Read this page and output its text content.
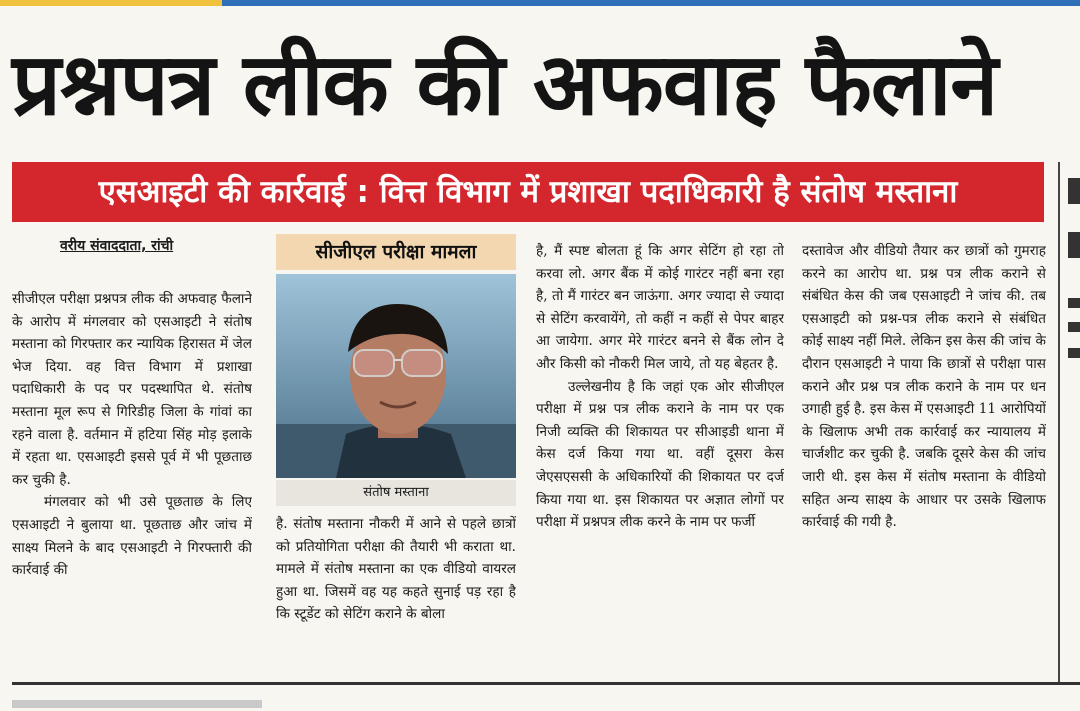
प्रश्नपत्र लीक की अफवाह फैलाने
एसआइटी की कार्रवाई : वित्त विभाग में प्रशाखा पदाधिकारी है संतोष मस्ताना
वरीय संवाददाता, रांची

सीजीएल परीक्षा प्रश्नपत्र लीक की अफवाह फैलाने के आरोप में मंगलवार को एसआइटी ने संतोष मस्ताना को गिरफ्तार कर न्यायिक हिरासत में जेल भेज दिया. वह वित्त विभाग में प्रशाखा पदाधिकारी के पद पर पदस्थापित थे. संतोष मस्ताना मूल रूप से गिरिडीह जिला के गांवां का रहने वाला है. वर्तमान में हटिया सिंह मोड़ इलाके में रहता था. एसआइटी इससे पूर्व में भी पूछताछ कर चुकी है.

मंगलवार को भी उसे पूछताछ के लिए एसआइटी ने बुलाया था. पूछताछ और जांच में साक्ष्य मिलने के बाद एसआइटी ने गिरफ्तारी की कार्रवाई की

सीजीएल परीक्षा मामला
संतोष मस्ताना

है. संतोष मस्ताना नौकरी में आने से पहले छात्रों को प्रतियोगिता परीक्षा की तैयारी भी कराता था. मामले में संतोष मस्ताना का एक वीडियो वायरल हुआ था. जिसमें वह यह कहते सुनाई पड़ रहा है कि स्टूडेंट को सेटिंग कराने के बोला

है, मैं स्पष्ट बोलता हूं कि अगर सेटिंग हो रहा तो करवा लो. अगर बैंक में कोई गारंटर नहीं बना रहा है, तो मैं गारंटर बन जाऊंगा. अगर ज्यादा से ज्यादा से सेटिंग करवायेंगे, तो कहीं न कहीं से पेपर बाहर आ जायेगा. अगर मेरे गारंटर बनने से बैंक लोन दे और किसी को नौकरी मिल जाये, तो यह बेहतर है.

उल्लेखनीय है कि जहां एक ओर सीजीएल परीक्षा में प्रश्न पत्र लीक कराने के नाम पर एक निजी व्यक्ति की शिकायत पर सीआइडी थाना में केस दर्ज किया गया था. वहीं दूसरा केस जेएसएससी के अधिकारियों की शिकायत पर दर्ज किया गया था. इस शिकायत पर अज्ञात लोगों पर परीक्षा में प्रश्नपत्र लीक करने के नाम पर फर्जी

दस्तावेज और वीडियो तैयार कर छात्रों को गुमराह करने का आरोप था. प्रश्न पत्र लीक कराने से संबंधित केस की जब एसआइटी ने जांच की. तब एसआइटी को प्रश्न-पत्र लीक कराने से संबंधित कोई साक्ष्य नहीं मिले. लेकिन इस केस की जांच के दौरान एसआइटी ने पाया कि छात्रों से परीक्षा पास कराने और प्रश्न पत्र लीक कराने के नाम पर धन उगाही हुई है. इस केस में एसआइटी 11 आरोपियों के खिलाफ अभी तक कार्रवाई कर न्यायालय में चार्जशीट कर चुकी है. जबकि दूसरे केस की जांच जारी थी. इस केस में संतोष मस्ताना के वीडियो सहित अन्य साक्ष्य के आधार पर उसके खिलाफ कार्रवाई की गयी है.
